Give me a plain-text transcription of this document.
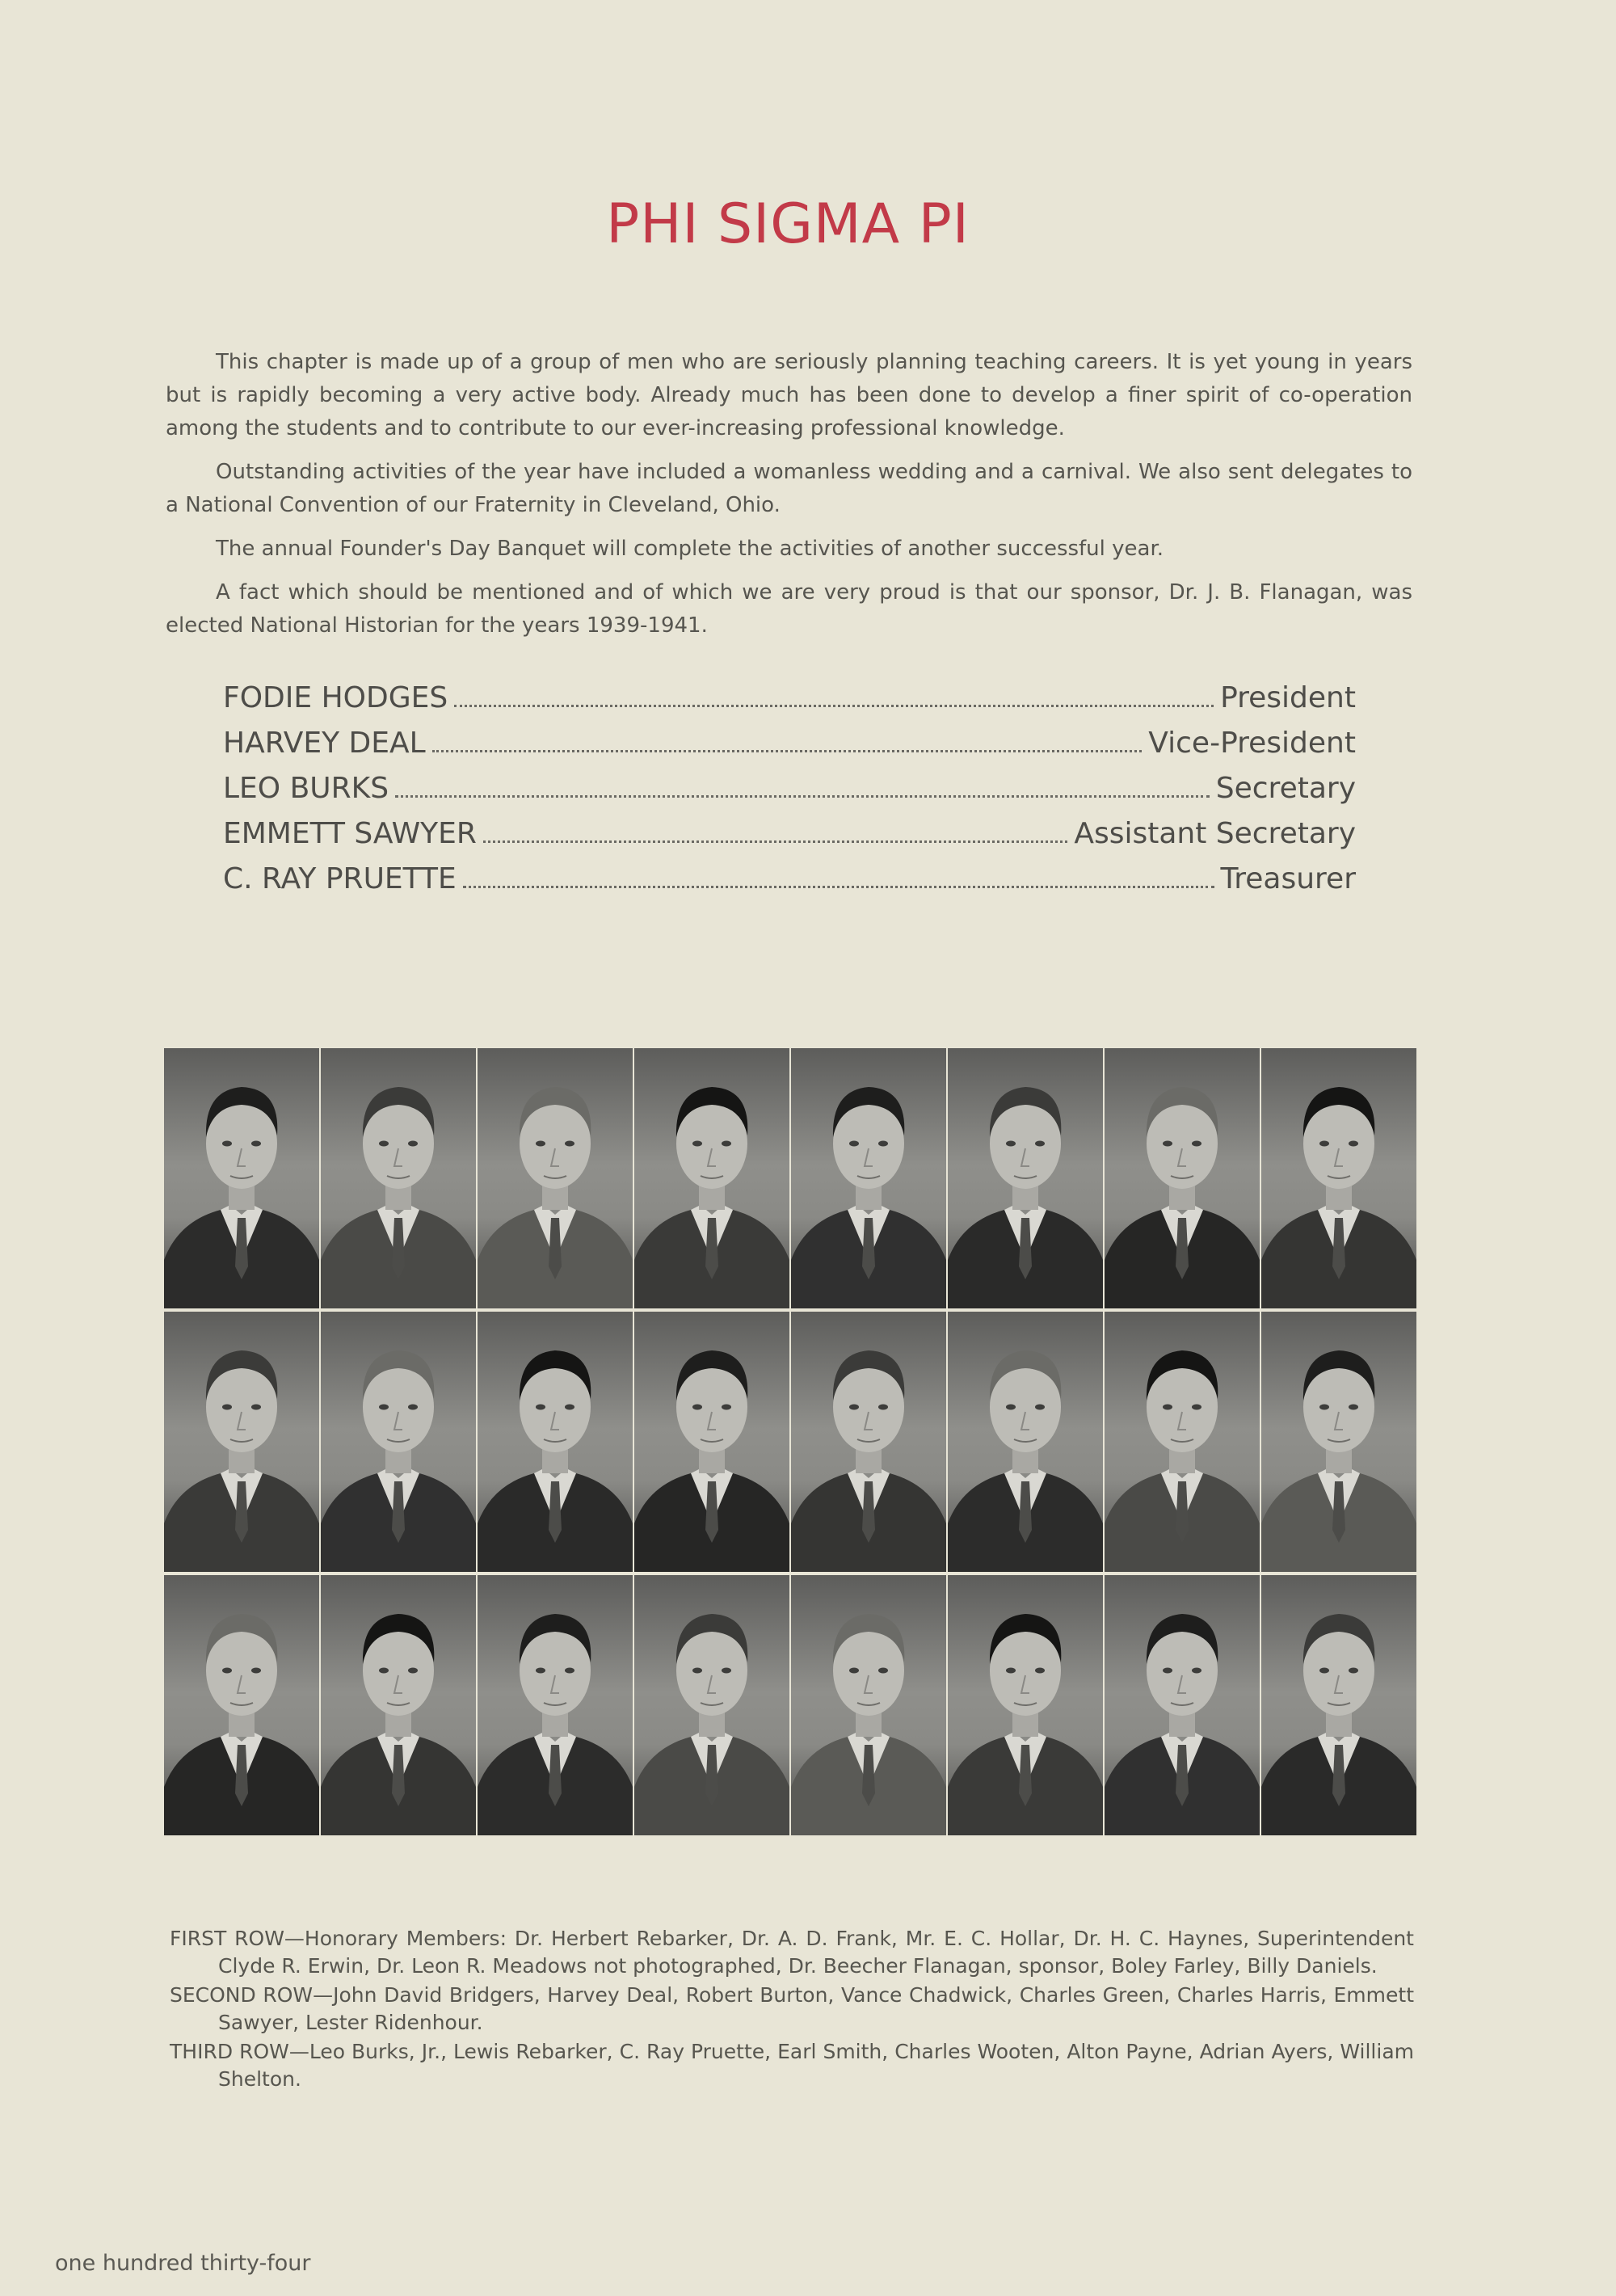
PHI SIGMA PI

This chapter is made up of a group of men who are seriously planning teaching careers. It is yet young in years but is rapidly becoming a very active body. Already much has been done to develop a finer spirit of co-operation among the students and to contribute to our ever-increasing professional knowledge.

Outstanding activities of the year have included a womanless wedding and a carnival. We also sent delegates to a National Convention of our Fraternity in Cleveland, Ohio.

The annual Founder's Day Banquet will complete the activities of another successful year.

A fact which should be mentioned and of which we are very proud is that our sponsor, Dr. J. B. Flanagan, was elected National Historian for the years 1939-1941.

FODIE HODGES	President
HARVEY DEAL	Vice-President
LEO BURKS	Secretary
EMMETT SAWYER	Assistant Secretary
C. RAY PRUETTE	Treasurer

FIRST ROW—Honorary Members: Dr. Herbert Rebarker, Dr. A. D. Frank, Mr. E. C. Hollar, Dr. H. C. Haynes, Superintendent Clyde R. Erwin, Dr. Leon R. Meadows not photographed, Dr. Beecher Flanagan, sponsor, Boley Farley, Billy Daniels.

SECOND ROW—John David Bridgers, Harvey Deal, Robert Burton, Vance Chadwick, Charles Green, Charles Harris, Emmett Sawyer, Lester Ridenhour.

THIRD ROW—Leo Burks, Jr., Lewis Rebarker, C. Ray Pruette, Earl Smith, Charles Wooten, Alton Payne, Adrian Ayers, William Shelton.

one hundred thirty-four
